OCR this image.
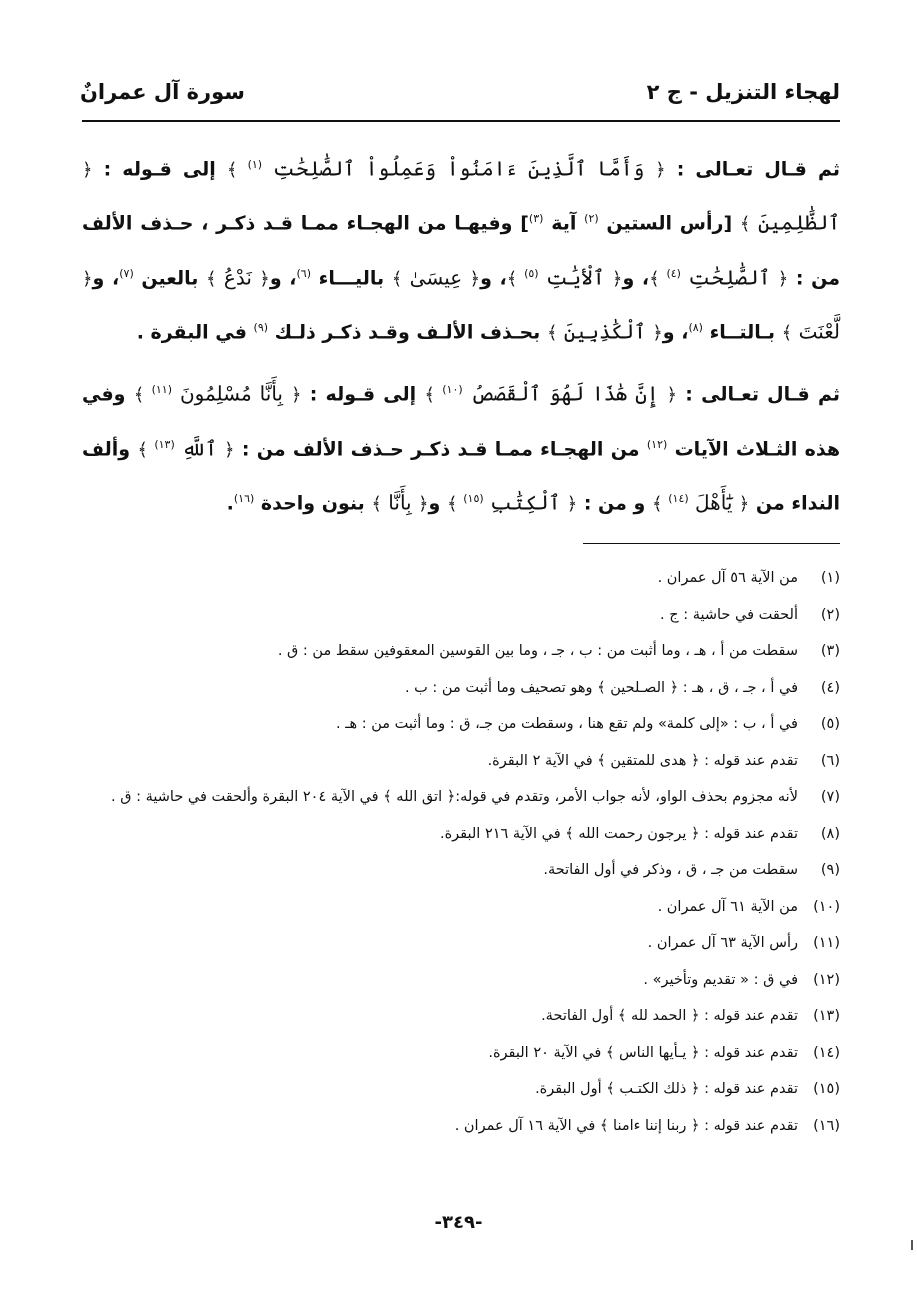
سورة آل عمرانٌ	لهجاء التنزيل - ج ٢

ثم قـال تعـالى : ﴿ وَأَمَّا ٱلَّذِينَ ءَامَنُواْ وَعَمِلُواْ ٱلصَّٰلِحَٰتِ $^{(١)}$ ﴾ إلى قـوله : ﴿ ٱلظَّٰلِمِينَ ﴾ [رأس الستين $^{(٢)}$ آية $^{(٣)}$] وفيهـا من الهجـاء ممـا قـد ذكـر ، حـذف الألف من : ﴿ ٱلصَّٰلِحَٰتِ $^{(٤)}$ ﴾، و﴿ ٱلْأيَٰتِ $^{(٥)}$ ﴾، و﴿ عِيسَىٰ ﴾ باليـــاء $^{(٦)}$، و﴿ نَدْعُ ﴾ بالعين $^{(٧)}$، و﴿ لَّعْنَتَ ﴾ بـالتــاء $^{(٨)}$، و﴿ ٱلْكَٰذِبِينَ ﴾ بحـذف الألـف وقـد ذكـر ذلـك $^{(٩)}$ في البقرة .

ثم قـال تعـالى : ﴿ إِنَّ هَٰذَا لَهُوَ ٱلْقَصَصُ $^{(١٠)}$ ﴾ إلى قـوله : ﴿ بِأَنَّا مُسْلِمُونَ $^{(١١)}$ ﴾ وفي هذه الثـلاث الآيات $^{(١٢)}$ من الهجـاء ممـا قـد ذكـر حـذف الألف من : ﴿ ٱللَّهِ $^{(١٣)}$ ﴾ وألف النداء من ﴿ يَٰٓأَهْلَ $^{(١٤)}$ ﴾ و من : ﴿ ٱلْكِتَٰبِ $^{(١٥)}$ ﴾ و﴿ بِأَنَّا ﴾ بنون واحدة $^{(١٦)}$.

(١)
من الآية ٥٦ آل عمران .
(٢)
ألحقت في حاشية : ج .
(٣)
سقطت من أ ، هـ ، وما أثبت من : ب ، جـ ، وما بين القوسين المعقوفين سقط من : ق .
(٤)
في أ ، جـ ، ق ، هـ : ﴿ الصـلحين ﴾ وهو تصحيف وما أثبت من : ب .
(٥)
في أ ، ب : «إلى كلمة» ولم تقع هنا ، وسقطت من جـ، ق : وما أثبت من : هـ .
(٦)
تقدم عند قوله : ﴿ هدى للمتقين ﴾ في الآية ٢ البقرة.
(٧)
لأنه مجزوم بحذف الواو، لأنه جواب الأمر، وتقدم في قوله:﴿ اتق الله ﴾ في الآية ٢٠٤ البقرة وألحقت في حاشية : ق .
(٨)
تقدم عند قوله : ﴿ يرجون رحمت الله ﴾ في الآية ٢١٦ البقرة.
(٩)
سقطت من جـ ، ق ، وذكر في أول الفاتحة.
(١٠)
من الآية ٦١ آل عمران .
(١١)
رأس الآية ٦٣ آل عمران .
(١٢)
في ق : « تقديم وتأخير» .
(١٣)
تقدم عند قوله : ﴿ الحمد لله ﴾ أول الفاتحة.
(١٤)
تقدم عند قوله : ﴿ يـأيها الناس ﴾ في الآية ٢٠ البقرة.
(١٥)
تقدم عند قوله : ﴿ ذلك الكتـب ﴾ أول البقرة.
(١٦)
تقدم عند قوله : ﴿ ربنا إننا ءامنا ﴾ في الآية ١٦ آل عمران .
-٣٤٩-
